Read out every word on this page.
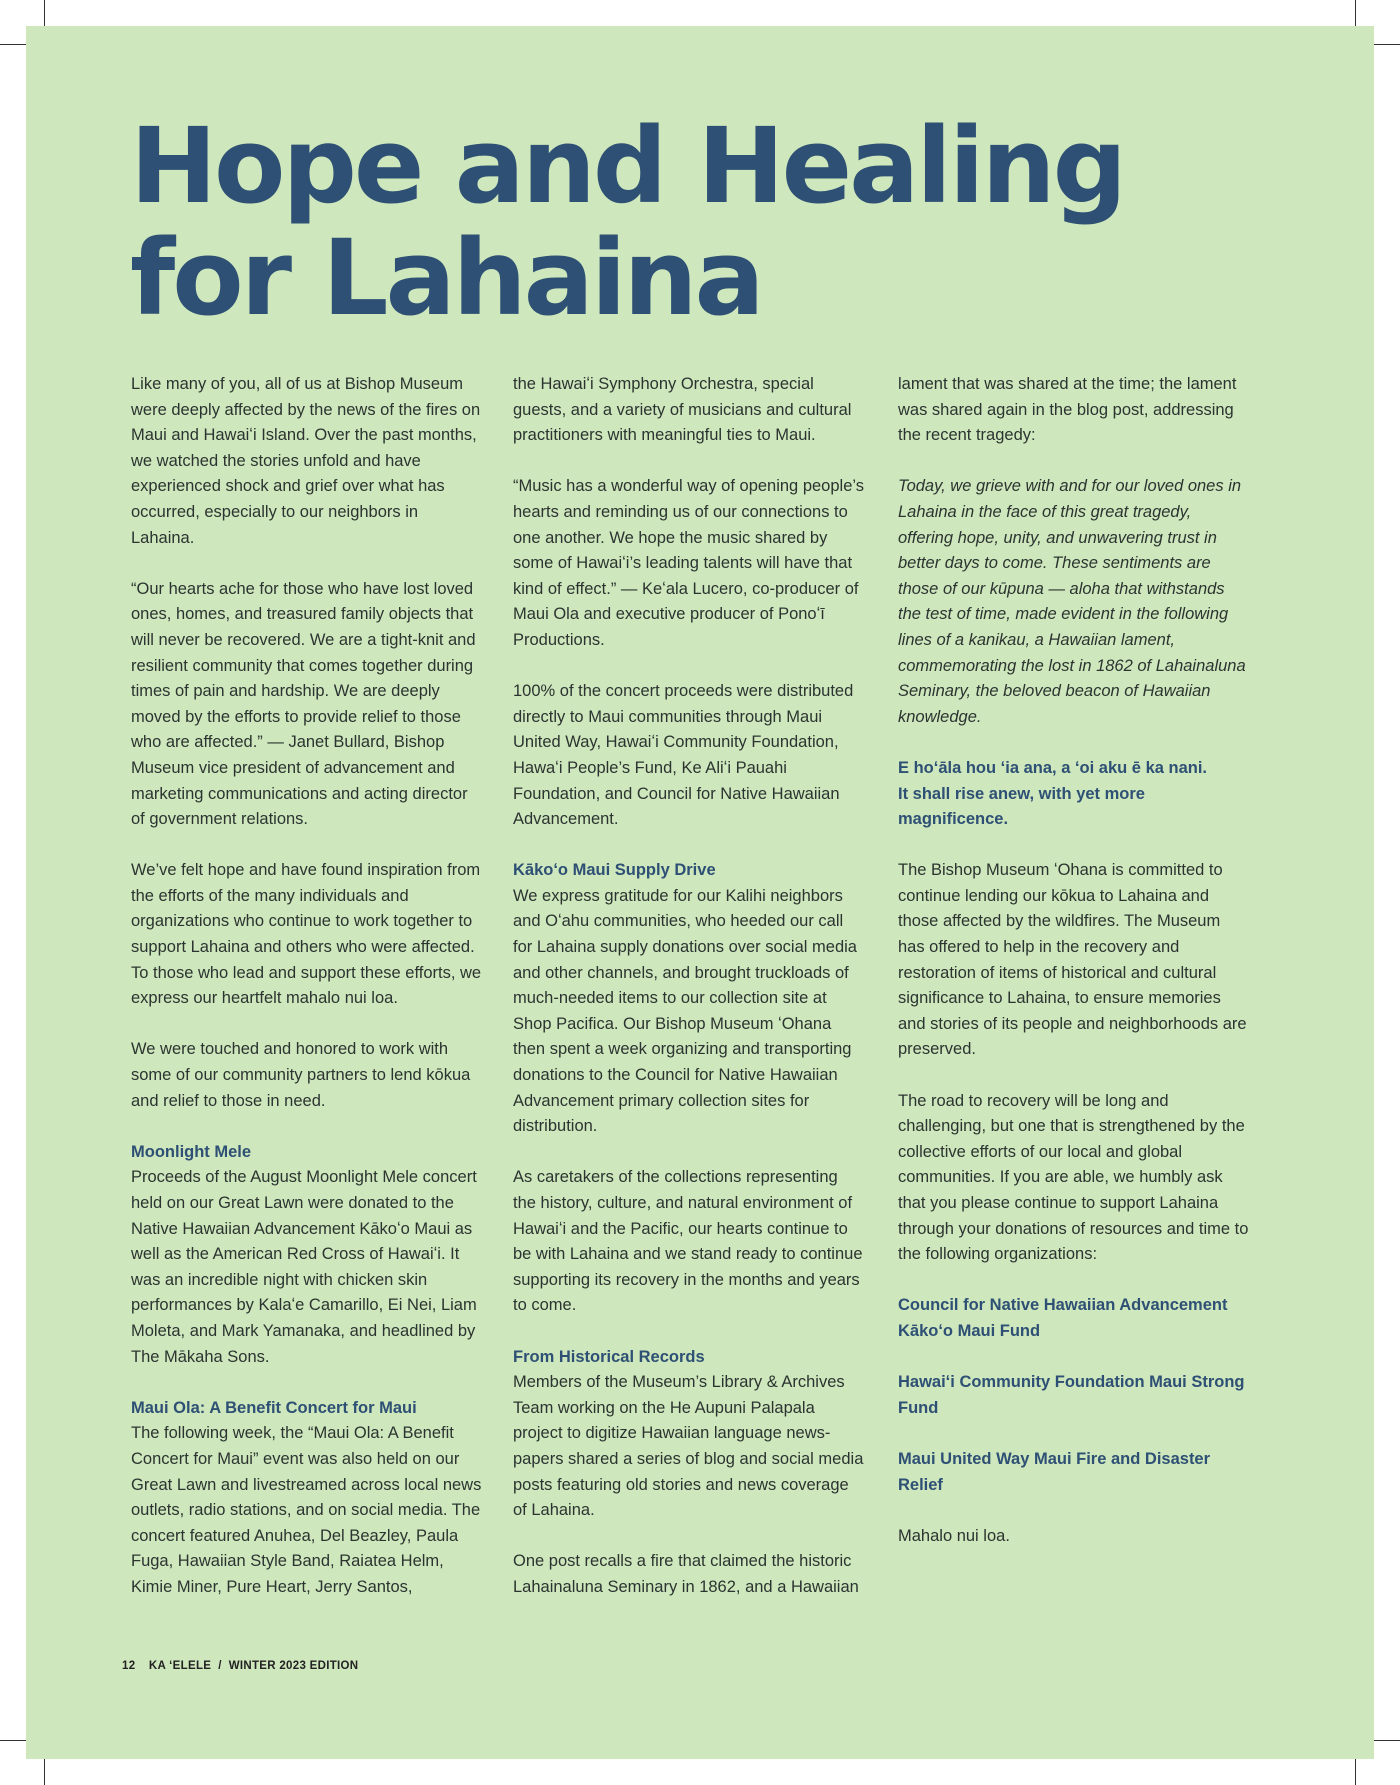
Hope and Healing
for Lahaina

Like many of you, all of us at Bishop Museum were deeply affected by the news of the fires on Maui and Hawaiʻi Island. Over the past months, we watched the stories unfold and have experienced shock and grief over what has occurred, especially to our neighbors in Lahaina.

“Our hearts ache for those who have lost loved ones, homes, and treasured family objects that will never be recovered. We are a tight-knit and resilient community that comes together during times of pain and hardship. We are deeply moved by the efforts to provide relief to those who are affected.” — Janet Bullard, Bishop Museum vice president of advancement and marketing communications and acting director of government relations.

We’ve felt hope and have found inspiration from the efforts of the many individuals and organizations who continue to work together to support Lahaina and others who were affected. To those who lead and support these efforts, we express our heartfelt mahalo nui loa.

We were touched and honored to work with some of our community partners to lend kōkua and relief to those in need.

Moonlight Mele
Proceeds of the August Moonlight Mele concert held on our Great Lawn were donated to the Native Hawaiian Advancement Kākoʻo Maui as well as the American Red Cross of Hawaiʻi. It was an incredible night with chicken skin performances by Kalaʻe Camarillo, Ei Nei, Liam Moleta, and Mark Yamanaka, and headlined by The Mākaha Sons.

Maui Ola: A Benefit Concert for Maui
The following week, the “Maui Ola: A Benefit Concert for Maui” event was also held on our Great Lawn and livestreamed across local news outlets, radio stations, and on social media. The concert featured Anuhea, Del Beazley, Paula Fuga, Hawaiian Style Band, Raiatea Helm, Kimie Miner, Pure Heart, Jerry Santos,

the Hawaiʻi Symphony Orchestra, special guests, and a variety of musicians and cultural practitioners with meaningful ties to Maui.

“Music has a wonderful way of opening people’s hearts and reminding us of our connections to one another. We hope the music shared by some of Hawaiʻi’s leading talents will have that kind of effect.” — Keʻala Lucero, co-producer of Maui Ola and executive producer of Ponoʻī Productions.

100% of the concert proceeds were distributed directly to Maui communities through Maui United Way, Hawaiʻi Community Foundation, Hawaʻi People’s Fund, Ke Aliʻi Pauahi Foundation, and Council for Native Hawaiian Advancement.

Kākoʻo Maui Supply Drive
We express gratitude for our Kalihi neighbors and Oʻahu communities, who heeded our call for Lahaina supply donations over social media and other channels, and brought truckloads of much-needed items to our collection site at Shop Pacifica. Our Bishop Museum ʻOhana then spent a week organizing and transporting donations to the Council for Native Hawaiian Advancement primary collection sites for distribution.

As caretakers of the collections representing the history, culture, and natural environment of Hawaiʻi and the Pacific, our hearts continue to be with Lahaina and we stand ready to continue supporting its recovery in the months and years to come.

From Historical Records
Members of the Museum’s Library & Archives Team working on the He Aupuni Palapala project to digitize Hawaiian language news-papers shared a series of blog and social media posts featuring old stories and news coverage of Lahaina.

One post recalls a fire that claimed the historic Lahainaluna Seminary in 1862, and a Hawaiian

lament that was shared at the time; the lament was shared again in the blog post, addressing the recent tragedy:

Today, we grieve with and for our loved ones in Lahaina in the face of this great tragedy, offering hope, unity, and unwavering trust in better days to come. These sentiments are those of our kūpuna — aloha that withstands the test of time, made evident in the following lines of a kanikau, a Hawaiian lament, commemorating the lost in 1862 of Lahainaluna Seminary, the beloved beacon of Hawaiian knowledge.

E hoʻāla hou ʻia ana, a ʻoi aku ē ka nani.
It shall rise anew, with yet more magnificence.

The Bishop Museum ʻOhana is committed to continue lending our kōkua to Lahaina and those affected by the wildfires. The Museum has offered to help in the recovery and restoration of items of historical and cultural significance to Lahaina, to ensure memories and stories of its people and neighborhoods are preserved.

The road to recovery will be long and challenging, but one that is strengthened by the collective efforts of our local and global communities. If you are able, we humbly ask that you please continue to support Lahaina through your donations of resources and time to the following organizations:

Council for Native Hawaiian Advancement
Kākoʻo Maui Fund

Hawaiʻi Community Foundation Maui Strong Fund

Maui United Way Maui Fire and Disaster Relief

Mahalo nui loa.

12 KA ʻELELE  /  WINTER 2023 EDITION
